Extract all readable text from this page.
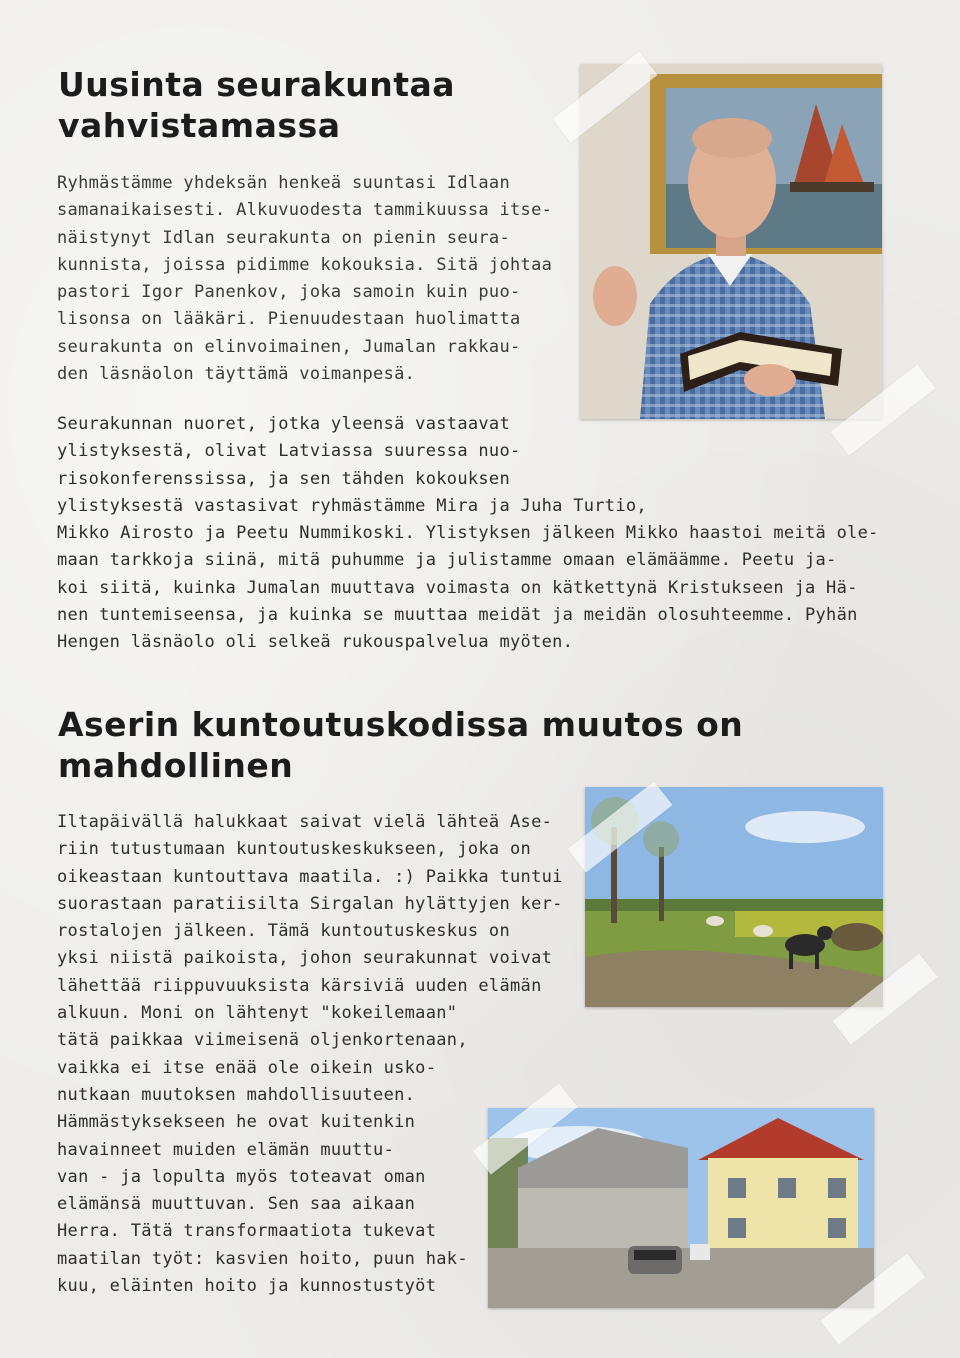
Uusinta seurakuntaa
vahvistamassa
Ryhmästämme yhdeksän henkeä suuntasi Idlaan
samanaikaisesti. Alkuvuodesta tammikuussa itse-
näistynyt Idlan seurakunta on pienin seura-
kunnista, joissa pidimme kokouksia. Sitä johtaa
pastori Igor Panenkov, joka samoin kuin puo-
lisonsa on lääkäri. Pienuudestaan huolimatta
seurakunta on elinvoimainen, Jumalan rakkau-
den läsnäolon täyttämä voimanpesä.
Seurakunnan nuoret, jotka yleensä vastaavat
ylistyksestä, olivat Latviassa suuressa nuo-
risokonferenssissa, ja sen tähden kokouksen
ylistyksestä vastasivat ryhmästämme Mira ja Juha Turtio,
Mikko Airosto ja Peetu Nummikoski. Ylistyksen jälkeen Mikko haastoi meitä ole-
maan tarkkoja siinä, mitä puhumme ja julistamme omaan elämäämme. Peetu ja-
koi siitä, kuinka Jumalan muuttava voimasta on kätkettynä Kristukseen ja Hä-
nen tuntemiseensa, ja kuinka se muuttaa meidät ja meidän olosuhteemme. Pyhän
Hengen läsnäolo oli selkeä rukouspalvelua myöten.
Aserin kuntoutuskodissa muutos on
mahdollinen
Iltapäivällä halukkaat saivat vielä lähteä Ase-
riin tutustumaan kuntoutuskeskukseen, joka on
oikeastaan kuntouttava maatila. :) Paikka tuntui
suorastaan paratiisilta Sirgalan hylättyjen ker-
rostalojen jälkeen. Tämä kuntoutuskeskus on
yksi niistä paikoista, johon seurakunnat voivat
lähettää riippuvuuksista kärsiviä uuden elämän
alkuun. Moni on lähtenyt "kokeilemaan"
tätä paikkaa viimeisenä oljenkortenaan,
vaikka ei itse enää ole oikein usko-
nutkaan muutoksen mahdollisuuteen.
Hämmästyksekseen he ovat kuitenkin
havainneet muiden elämän muuttu-
van - ja lopulta myös toteavat oman
elämänsä muuttuvan. Sen saa aikaan
Herra. Tätä transformaatiota tukevat
maatilan työt: kasvien hoito, puun hak-
kuu, eläinten hoito ja kunnostustyöt
